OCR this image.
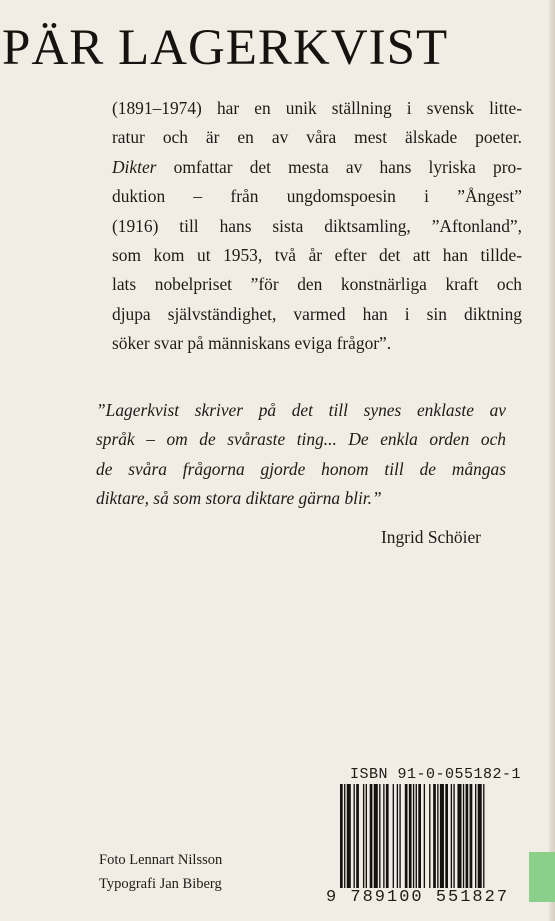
PÄR LAGERKVIST

(1891–1974) har en unik ställning i svensk litte-
ratur och är en av våra mest älskade poeter.
Dikter omfattar det mesta av hans lyriska pro-
duktion – från ungdomspoesin i ”Ångest”
(1916) till hans sista diktsamling, ”Aftonland”,
som kom ut 1953, två år efter det att han tillde-
lats nobelpriset ”för den konstnärliga kraft och
djupa självständighet, varmed han i sin diktning
söker svar på människans eviga frågor”.

”Lagerkvist skriver på det till synes enklaste av
språk – om de svåraste ting... De enkla orden och
de svåra frågorna gjorde honom till de mångas
diktare, så som stora diktare gärna blir.”

Ingrid Schöier
Foto Lennart Nilsson
Typografi Jan Biberg
ISBN 91-0-055182-1
9 789100 551827
